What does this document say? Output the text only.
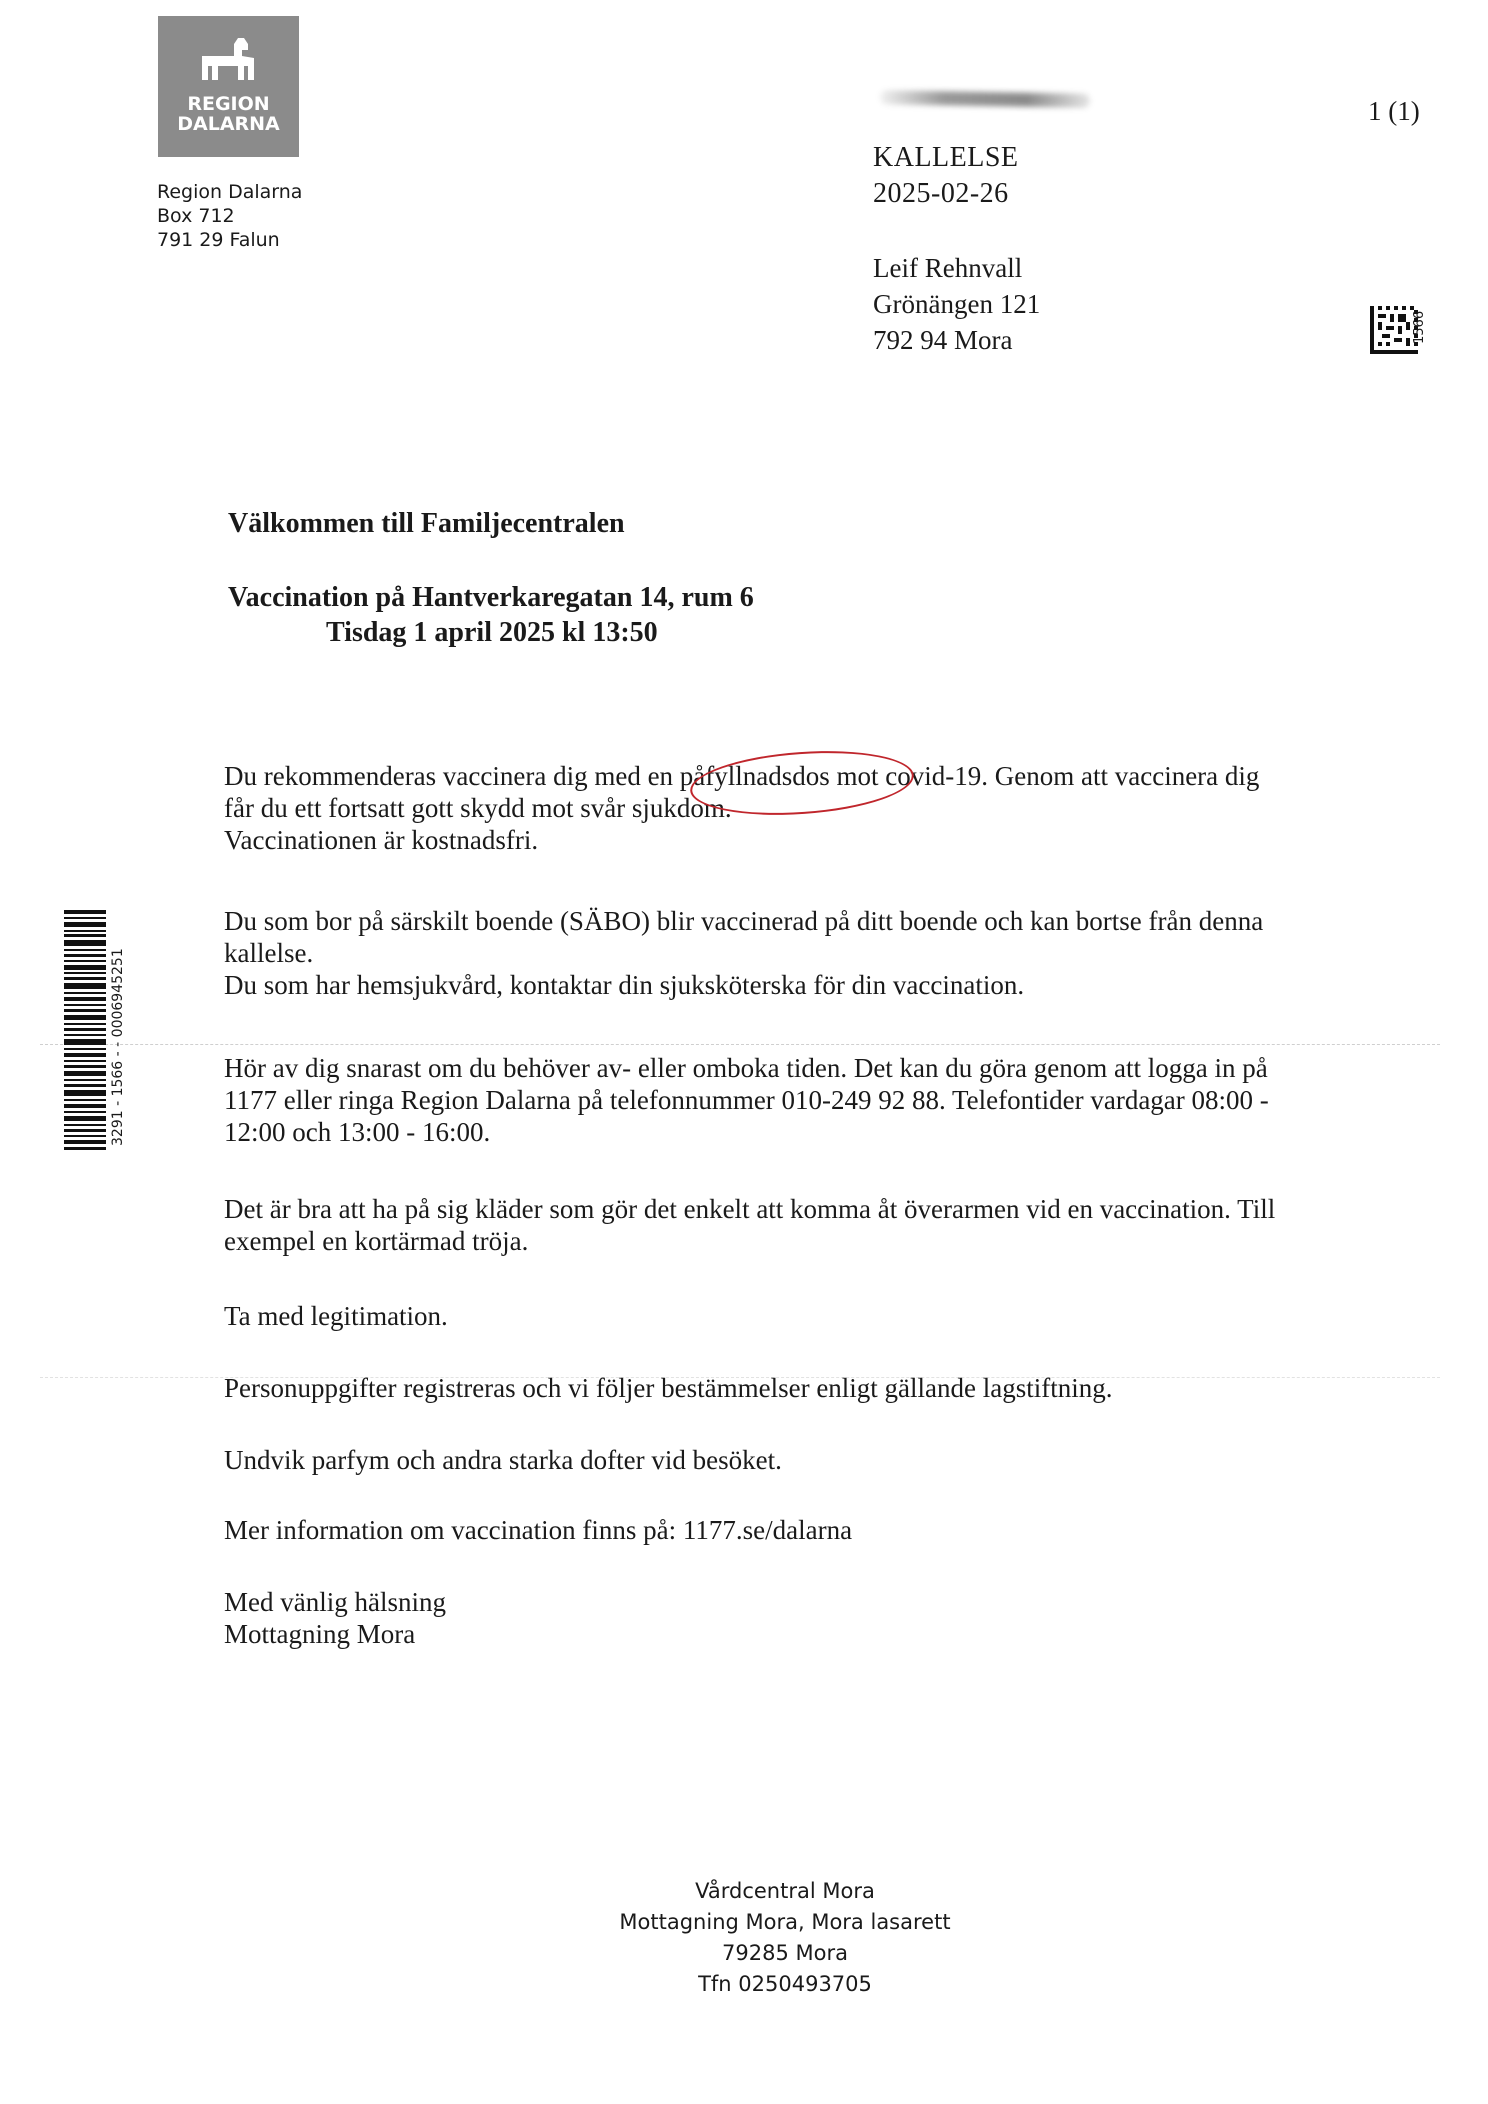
REGION
DALARNA
Region Dalarna
Box 712
791 29 Falun
1 (1)
KALLELSE
2025-02-26
Leif Rehnvall
Grönängen 121
792 94 Mora	1566
Välkommen till Familjecentralen
Vaccination på Hantverkaregatan 14, rum 6
Tisdag 1 april 2025 kl 13:50
Du rekommenderas vaccinera dig med en påfyllnadsdos mot covid-19. Genom att vaccinera dig
får du ett fortsatt gott skydd mot svår sjukdom.
Vaccinationen är kostnadsfri.
Du som bor på särskilt boende (SÄBO) blir vaccinerad på ditt boende och kan bortse från denna
kallelse.
Du som har hemsjukvård, kontaktar din sjuksköterska för din vaccination.
Hör av dig snarast om du behöver av- eller omboka tiden. Det kan du göra genom att logga in på
1177 eller ringa Region Dalarna på telefonnummer 010-249 92 88. Telefontider vardagar 08:00 -
12:00 och 13:00 - 16:00.
Det är bra att ha på sig kläder som gör det enkelt att komma åt överarmen vid en vaccination. Till
exempel en kortärmad tröja.
Ta med legitimation.
Personuppgifter registreras och vi följer bestämmelser enligt gällande lagstiftning.
Undvik parfym och andra starka dofter vid besöket.
Mer information om vaccination finns på: 1177.se/dalarna
Med vänlig hälsning
Mottagning Mora
3291 - 1566 - - 0006945251
Vårdcentral Mora
Mottagning Mora, Mora lasarett
79285 Mora
Tfn 0250493705
